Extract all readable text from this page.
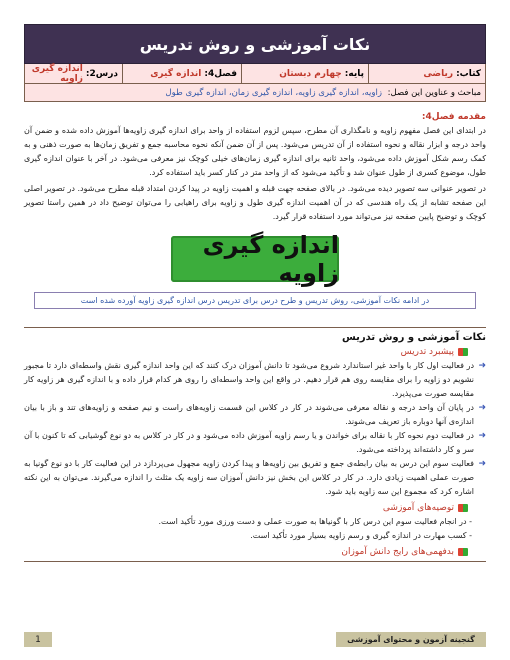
نکات آموزشی و روش تدریس
کتاب:
ریاضی
پایه:
چهارم دبستان
فصل4:
اندازه گیری
درس2:
اندازه گیری زاویه
مباحث و عناوین این فصل:

زاویه، اندازه گیری زاویه، اندازه گیری زمان، اندازه گیری طول
مقدمه فصل4:
در ابتدای این فصل مفهوم زاویه و نامگذاری آن مطرح، سپس لزوم استفاده از واحد برای اندازه گیری زاویه‌ها آموزش داده شده و ضمن آن واحد درجه و ابزار نقاله و نحوه استفاده از آن تدریس می‌شود. پس از آن ضمن آنکه نحوه محاسبه جمع و تفریق زمان‌ها به صورت ذهنی و به کمک رسم شکل آموزش داده می‌شود، واحد ثانیه برای اندازه گیری زمان‌های خیلی کوچک نیز معرفی می‌شود. در آخر با عنوان اندازه گیری طول، موضوع کسری از طول عنوان شد و تأکید می‌شود که از واحد متر در کنار کسر باید استفاده کرد.
در تصویر عنوانی سه تصویر دیده می‌شود. در بالای صفحه جهت قبله و اهمیت زاویه در پیدا کردن امتداد قبله مطرح می‌شود. در تصویر اصلی این صفحه تشابه از یک راه هندسی که در آن اهمیت اندازه گیری طول و زاویه برای راهیابی را می‌توان توضیح داد در همین راستا تصویر کوچک و توضیح پایین صفحه نیز می‌تواند مورد استفاده قرار گیرد.
اندازه گیری زاویه
در ادامه نکات آموزشی، روش تدریس و طرح درس برای تدریس درس اندازه گیری زاویه آورده شده است
نکات آموزشی و روش تدریس
پیشبرد تدریس
➜
در فعالیت اول کار با واحد غیر استاندارد شروع می‌شود تا دانش آموزان درک کنند که این واحد اندازه گیری نقش واسطه‌ای دارد تا مجبور نشویم دو زاویه را برای مقایسه روی هم قرار دهیم. در واقع این واحد واسطه‌ای را روی هر کدام قرار داده و با اندازه گیری هر زاویه کار مقایسه صورت می‌پذیرد.
➜
در پایان آن واحد درجه و نقاله معرفی می‌شوند در کار در کلاس این قسمت زاویه‌های راست و نیم صفحه و زاویه‌های تند و باز با بیان اندازه‌ی آنها دوباره باز تعریف می‌شوند.
➜
در فعالیت دوم نحوه کار با نقاله برای خواندن و یا رسم زاویه آموزش داده می‌شود و در کار در کلاس به دو نوع گوشیابی که تا کنون با آن سر و کار داشته‌اند پرداخته می‌شود.
➜
فعالیت سوم این درس به بیان رابطه‌ی جمع و تفریق بین زاویه‌ها و پیدا کردن زاویه مجهول می‌پردازد در این فعالیت کار با دو نوع گونیا به صورت عملی اهمیت زیادی دارد. در کار در کلاس این بخش نیز دانش آموزان سه زاویه یک مثلث را اندازه می‌گیرند. می‌توان به این نکته اشاره کرد که مجموع این سه زاویه باید شود.
توصیه‌های آموزشی
- در انجام فعالیت سوم این درس کار با گونیاها به صورت عملی و دست ورزی مورد تأکید است.
- کسب مهارت در اندازه گیری و رسم زاویه بسیار مورد تأکید است.
بدفهمی‌های رایج دانش آموزان
گنجینه آزمون و محتوای آموزشی
1
